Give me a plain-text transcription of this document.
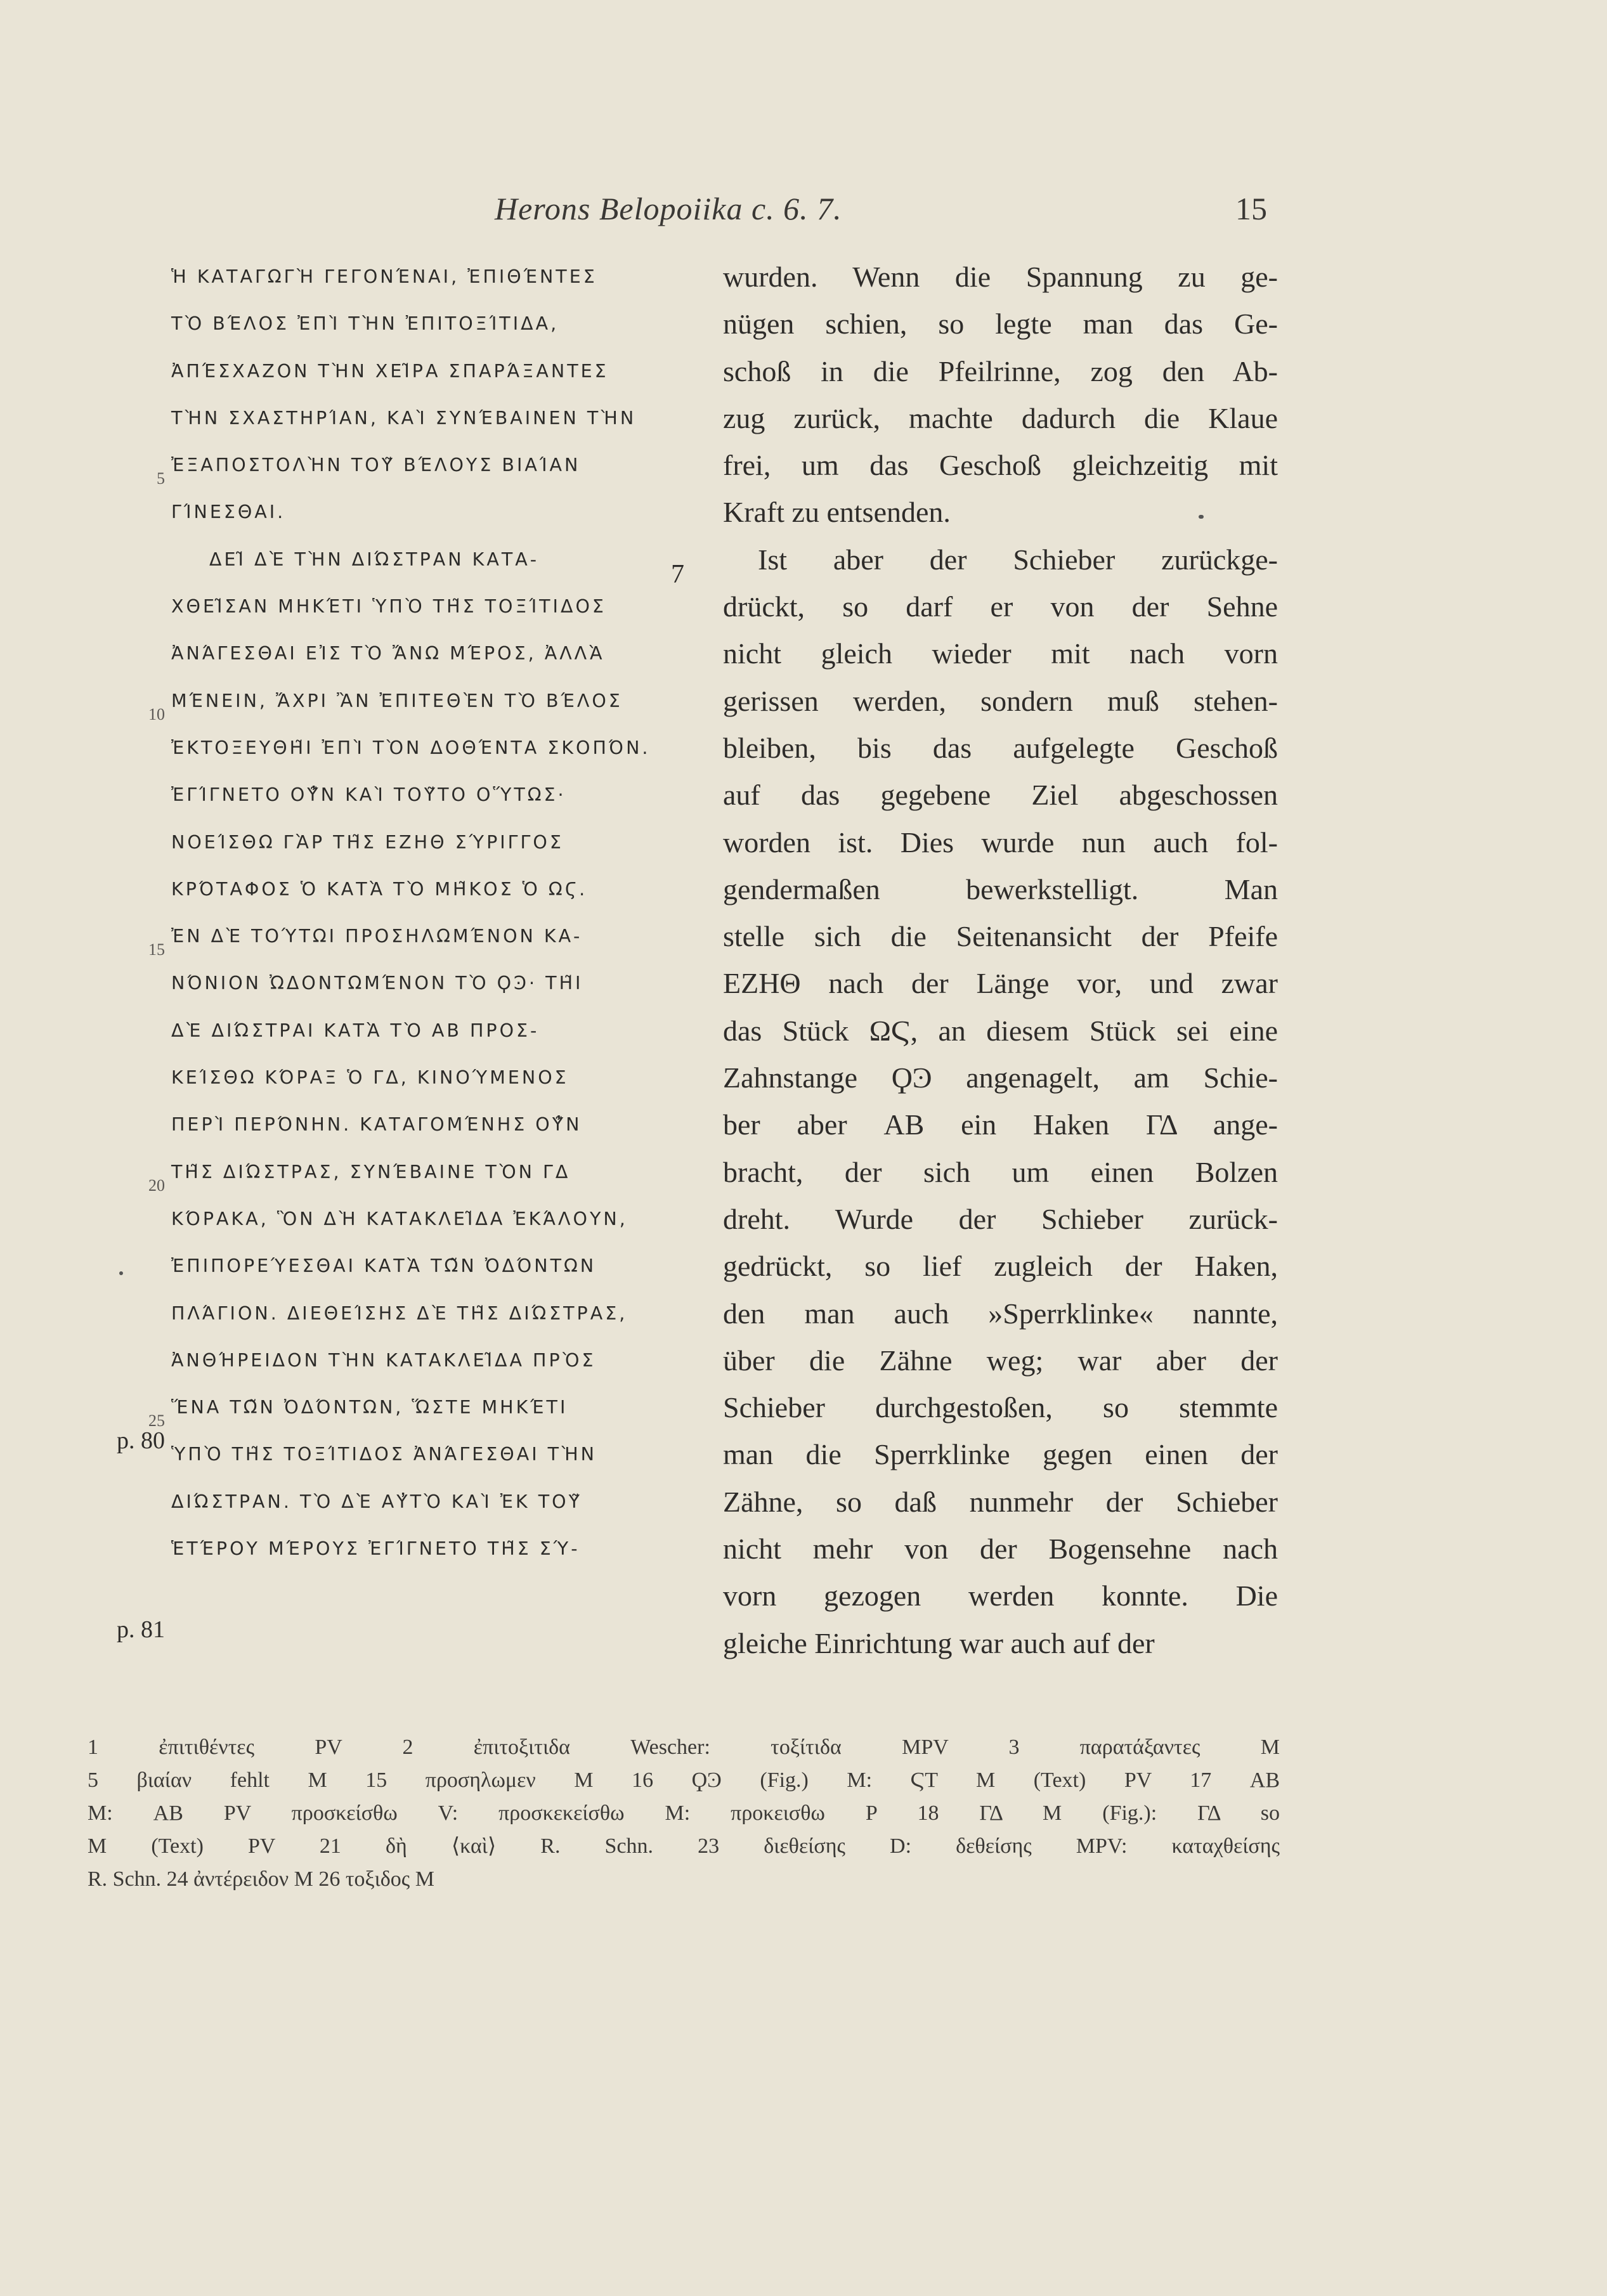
Herons Belopoiika c. 6. 7.	15
5
10
15
20
p. 80
25
p. 81
Ἡ ΚΑΤΑΓΩΓῊ ΓΕΓΟΝΈΝΑΙ, ἘΠΙΘΈΝΤΕΣ
ΤῸ ΒΈΛΟΣ ἘΠῚ ΤῊΝ ἘΠΙΤΟΞΊΤΙΔΑ,
ἈΠΈΣΧΑΖΟΝ ΤῊΝ ΧΕΙ͂ΡΑ ΣΠΑΡΆΞΑΝΤΕΣ
ΤῊΝ ΣΧΑΣΤΗΡΊΑΝ, ΚΑῚ ΣΥΝΈΒΑΙΝΕΝ ΤῊΝ
ἘΞΑΠΟΣΤΟΛῊΝ ΤΟΥ͂ ΒΈΛΟΥΣ ΒΙΑΊΑΝ
ΓΊΝΕΣΘΑΙ.
ΔΕΙ͂ ΔῈ ΤῊΝ ΔΙΏΣΤΡΑΝ ΚΑΤΑ-
ΧΘΕΙ͂ΣΑΝ ΜΗΚΈΤΙ ὙΠῸ ΤΗ͂Σ ΤΟΞΊΤΙΔΟΣ
ἈΝΆΓΕΣΘΑΙ ΕἸΣ ΤῸ ἌΝΩ ΜΈΡΟΣ, ἈΛΛᾺ
ΜΈΝΕΙΝ, ἌΧΡΙ ἊΝ ἘΠΙΤΕΘῈΝ ΤῸ ΒΈΛΟΣ
ἘΚΤΟΞΕΥΘΗ͂Ι ἘΠῚ ΤῸΝ ΔΟΘΈΝΤΑ ΣΚΟΠΌΝ.
ἘΓΊΓΝΕΤΟ ΟΥ̓͂Ν ΚΑῚ ΤΟΥ͂ΤΟ ΟὝΤΩΣ·
ΝΟΕΊΣΘΩ ΓᾺΡ ΤΗ͂Σ ΕΖΗΘ ΣΎΡΙΓΓΟΣ
ΚΡΌΤΑΦΟΣ Ὁ ΚΑΤᾺ ΤῸ ΜΗ͂ΚΟΣ Ὁ ΩϚ.
ἘΝ ΔῈ ΤΟΎΤΩΙ ΠΡΟΣΗΛΩΜΈΝΟΝ ΚΑ-
ΝΌΝΙΟΝ ὨΔΟΝΤΩΜΈΝΟΝ ΤῸ ϘϿ· ΤΗ͂Ι
ΔῈ ΔΙΏΣΤΡΑΙ ΚΑΤᾺ ΤῸ ΑΒ ΠΡΟΣ-
ΚΕΊΣΘΩ ΚΌΡΑΞ Ὁ ΓΔ, ΚΙΝΟΎΜΕΝΟΣ
ΠΕΡῚ ΠΕΡΌΝΗΝ. ΚΑΤΑΓΟΜΈΝΗΣ ΟΥ̓͂Ν
ΤΗ͂Σ ΔΙΏΣΤΡΑΣ, ΣΥΝΈΒΑΙΝΕ ΤῸΝ ΓΔ
ΚΌΡΑΚΑ, ὋΝ ΔῊ ΚΑΤΑΚΛΕΙ͂ΔΑ ἘΚΆΛΟΥΝ,
ἘΠΙΠΟΡΕΎΕΣΘΑΙ ΚΑΤᾺ ΤΩ͂Ν ὈΔΌΝΤΩΝ
ΠΛΆΓΙΟΝ. ΔΙΕΘΕΊΣΗΣ ΔῈ ΤΗ͂Σ ΔΙΏΣΤΡΑΣ,
ἈΝΘΉΡΕΙΔΟΝ ΤῊΝ ΚΑΤΑΚΛΕΙ͂ΔΑ ΠΡῸΣ
ἝΝΑ ΤΩ͂Ν ὈΔΌΝΤΩΝ, ὭΣΤΕ ΜΗΚΈΤΙ
ὙΠῸ ΤΗ͂Σ ΤΟΞΊΤΙΔΟΣ ἈΝΆΓΕΣΘΑΙ ΤῊΝ
ΔΙΏΣΤΡΑΝ. ΤῸ ΔῈ ΑΥ̓ΤῸ ΚΑῚ ἘΚ ΤΟΥ͂
ἙΤΈΡΟΥ ΜΈΡΟΥΣ ἘΓΊΓΝΕΤΟ ΤΗ͂Σ ΣΎ-
7
wurden. Wenn die Spannung zu ge-
nügen schien, so legte man das Ge-
schoß in die Pfeilrinne, zog den Ab-
zug zurück, machte dadurch die Klaue
frei, um das Geschoß gleichzeitig mit
Kraft zu entsenden.
Ist aber der Schieber zurückge-
drückt, so darf er von der Sehne
nicht gleich wieder mit nach vorn
gerissen werden, sondern muß stehen-
bleiben, bis das aufgelegte Geschoß
auf das gegebene Ziel abgeschossen
worden ist. Dies wurde nun auch fol-
gendermaßen bewerkstelligt. Man
stelle sich die Seitenansicht der Pfeife
ΕΖΗΘ nach der Länge vor, und zwar
das Stück ΩϚ, an diesem Stück sei eine
Zahnstange ϘϿ angenagelt, am Schie-
ber aber ΑΒ ein Haken ΓΔ ange-
bracht, der sich um einen Bolzen
dreht. Wurde der Schieber zurück-
gedrückt, so lief zugleich der Haken,
den man auch »Sperrklinke« nannte,
über die Zähne weg; war aber der
Schieber durchgestoßen, so stemmte
man die Sperrklinke gegen einen der
Zähne, so daß nunmehr der Schieber
nicht mehr von der Bogensehne nach
vorn gezogen werden konnte. Die
gleiche Einrichtung war auch auf der
1 ἐπιτιθέντες PV 2 ἐπιτοξιτιδα Wescher: τοξίτιδα MPV 3 παρατάξαντες M
5 βιαίαν fehlt M 15 προσηλωμεν M 16 ϘϿ (Fig.) M: ϚΤ M (Text) PV 17 ΑΒ
M: ΑΒ PV προσκείσθω V: προσκεκείσθω M: προκεισθω P 18 ΓΔ M (Fig.): ΓΔ so
M (Text) PV 21 δὴ ⟨καὶ⟩ R. Schn. 23 διεθείσης D: δεθείσης MPV: καταχθείσης
R. Schn. 24 ἀντέρειδον M 26 τοξιδος M
